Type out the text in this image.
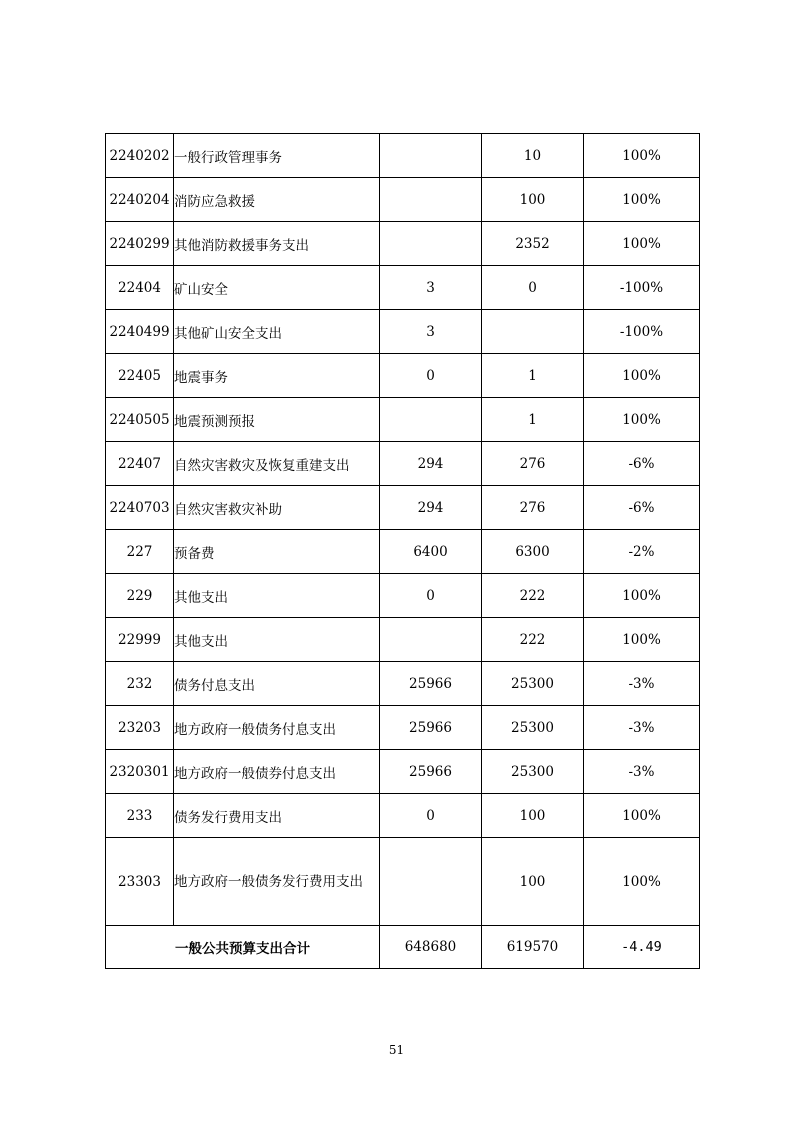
2240202	一般行政管理事务		10	100%
2240204	消防应急救援		100	100%
2240299	其他消防救援事务支出		2352	100%
22404	矿山安全	3	0	-100%
2240499	其他矿山安全支出	3		-100%
22405	地震事务	0	1	100%
2240505	地震预测预报		1	100%
22407	自然灾害救灾及恢复重建支出	294	276	-6%
2240703	自然灾害救灾补助	294	276	-6%
227	预备费	6400	6300	-2%
229	其他支出	0	222	100%
22999	其他支出		222	100%
232	债务付息支出	25966	25300	-3%
23203	地方政府一般债务付息支出	25966	25300	-3%
2320301	地方政府一般债券付息支出	25966	25300	-3%
233	债务发行费用支出	0	100	100%
23303	地方政府一般债务发行费用支出		100	100%
一般公共预算支出合计		648680	619570	-4.49
51
